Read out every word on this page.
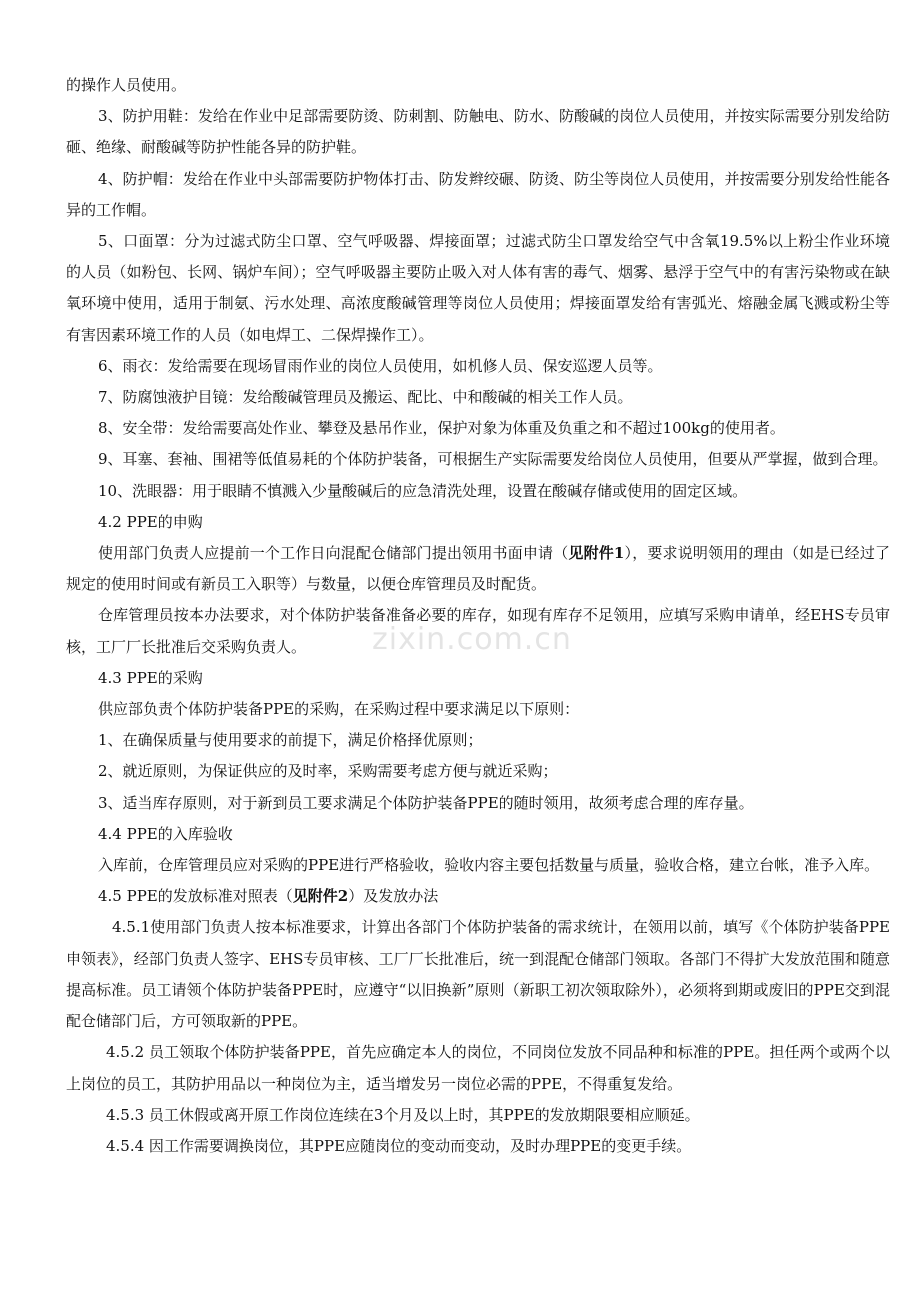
的操作人员使用。

3、防护用鞋：发给在作业中足部需要防烫、防刺割、防触电、防水、防酸碱的岗位人员使用，并按实际需要分别发给防砸、绝缘、耐酸碱等防护性能各异的防护鞋。

4、防护帽：发给在作业中头部需要防护物体打击、防发辫绞碾、防烫、防尘等岗位人员使用，并按需要分别发给性能各异的工作帽。

5、口面罩：分为过滤式防尘口罩、空气呼吸器、焊接面罩；过滤式防尘口罩发给空气中含氧19.5%以上粉尘作业环境的人员（如粉包、长网、锅炉车间）；空气呼吸器主要防止吸入对人体有害的毒气、烟雾、悬浮于空气中的有害污染物或在缺氧环境中使用，适用于制氨、污水处理、高浓度酸碱管理等岗位人员使用；焊接面罩发给有害弧光、熔融金属飞溅或粉尘等有害因素环境工作的人员（如电焊工、二保焊操作工）。

6、雨衣：发给需要在现场冒雨作业的岗位人员使用，如机修人员、保安巡逻人员等。

7、防腐蚀液护目镜：发给酸碱管理员及搬运、配比、中和酸碱的相关工作人员。

8、安全带：发给需要高处作业、攀登及悬吊作业，保护对象为体重及负重之和不超过100kg的使用者。

9、耳塞、套袖、围裙等低值易耗的个体防护装备，可根据生产实际需要发给岗位人员使用，但要从严掌握，做到合理。

10、洗眼器：用于眼睛不慎溅入少量酸碱后的应急清洗处理，设置在酸碱存储或使用的固定区域。

4.2 PPE的申购

使用部门负责人应提前一个工作日向混配仓储部门提出领用书面申请（见附件1），要求说明领用的理由（如是已经过了规定的使用时间或有新员工入职等）与数量，以便仓库管理员及时配货。

仓库管理员按本办法要求，对个体防护装备准备必要的库存，如现有库存不足领用，应填写采购申请单，经EHS专员审核，工厂厂长批准后交采购负责人。

4.3 PPE的采购

供应部负责个体防护装备PPE的采购，在采购过程中要求满足以下原则：

1、在确保质量与使用要求的前提下，满足价格择优原则；

2、就近原则，为保证供应的及时率，采购需要考虑方便与就近采购；

3、适当库存原则，对于新到员工要求满足个体防护装备PPE的随时领用，故须考虑合理的库存量。

4.4 PPE的入库验收

入库前，仓库管理员应对采购的PPE进行严格验收，验收内容主要包括数量与质量，验收合格，建立台帐，准予入库。

4.5 PPE的发放标准对照表（见附件2）及发放办法

4.5.1使用部门负责人按本标准要求，计算出各部门个体防护装备的需求统计，在领用以前，填写《个体防护装备PPE申领表》，经部门负责人签字、EHS专员审核、工厂厂长批准后，统一到混配仓储部门领取。各部门不得扩大发放范围和随意提高标准。员工请领个体防护装备PPE时，应遵守“以旧换新”原则（新职工初次领取除外），必须将到期或废旧的PPE交到混配仓储部门后，方可领取新的PPE。

4.5.2 员工领取个体防护装备PPE，首先应确定本人的岗位，不同岗位发放不同品种和标准的PPE。担任两个或两个以上岗位的员工，其防护用品以一种岗位为主，适当增发另一岗位必需的PPE，不得重复发给。

4.5.3 员工休假或离开原工作岗位连续在3个月及以上时，其PPE的发放期限要相应顺延。

4.5.4 因工作需要调换岗位，其PPE应随岗位的变动而变动，及时办理PPE的变更手续。

zixin.com.cn
